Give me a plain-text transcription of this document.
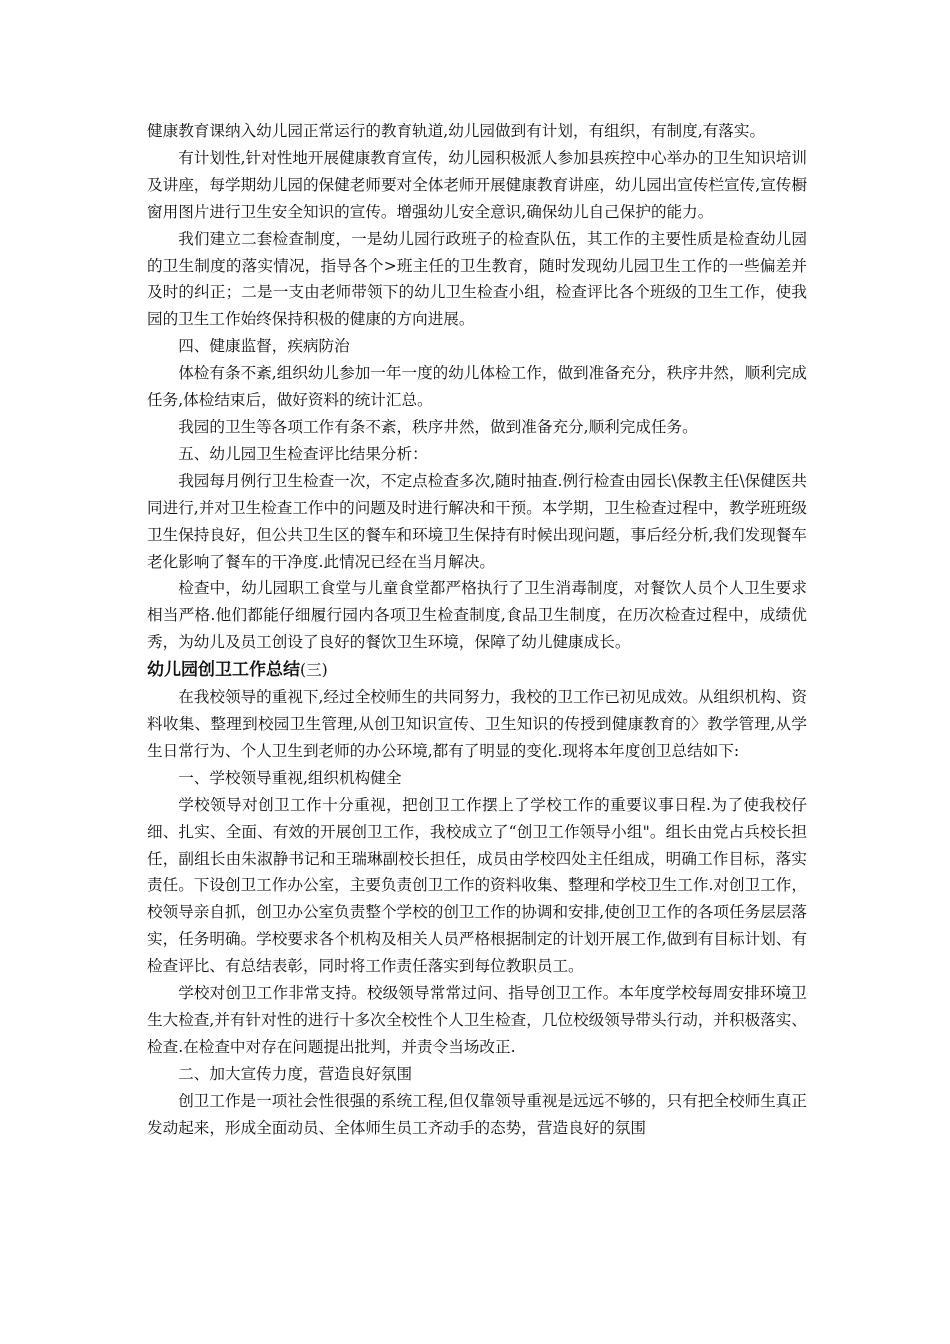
健康教育课纳入幼儿园正常运行的教育轨道,幼儿园做到有计划，有组织，有制度,有落实。

有计划性,针对性地开展健康教育宣传，幼儿园积极派人参加县疾控中心举办的卫生知识培训及讲座，每学期幼儿园的保健老师要对全体老师开展健康教育讲座，幼儿园出宣传栏宣传,宣传橱窗用图片进行卫生安全知识的宣传。增强幼儿安全意识,确保幼儿自己保护的能力。

我们建立二套检查制度，一是幼儿园行政班子的检查队伍，其工作的主要性质是检查幼儿园的卫生制度的落实情况，指导各个>班主任的卫生教育，随时发现幼儿园卫生工作的一些偏差并及时的纠正；二是一支由老师带领下的幼儿卫生检查小组，检查评比各个班级的卫生工作，使我园的卫生工作始终保持积极的健康的方向进展。

四、健康监督，疾病防治

体检有条不紊,组织幼儿参加一年一度的幼儿体检工作，做到准备充分，秩序井然，顺利完成任务,体检结束后，做好资料的统计汇总。

我园的卫生等各项工作有条不紊，秩序井然，做到准备充分,顺利完成任务。

五、幼儿园卫生检查评比结果分析：

我园每月例行卫生检查一次，不定点检查多次,随时抽查.例行检查由园长\保教主任\保健医共同进行,并对卫生检查工作中的问题及时进行解决和干预。本学期，卫生检查过程中，教学班班级卫生保持良好，但公共卫生区的餐车和环境卫生保持有时候出现问题，事后经分析,我们发现餐车老化影响了餐车的干净度.此情况已经在当月解决。

检查中，幼儿园职工食堂与儿童食堂都严格执行了卫生消毒制度，对餐饮人员个人卫生要求相当严格.他们都能仔细履行园内各项卫生检查制度,食品卫生制度，在历次检查过程中，成绩优秀，为幼儿及员工创设了良好的餐饮卫生环境，保障了幼儿健康成长。

幼儿园创卫工作总结(三)

在我校领导的重视下,经过全校师生的共同努力，我校的卫工作已初见成效。从组织机构、资料收集、整理到校园卫生管理,从创卫知识宣传、卫生知识的传授到健康教育的〉教学管理,从学生日常行为、个人卫生到老师的办公环境,都有了明显的变化.现将本年度创卫总结如下:

一、学校领导重视,组织机构健全

学校领导对创卫工作十分重视，把创卫工作摆上了学校工作的重要议事日程.为了使我校仔细、扎实、全面、有效的开展创卫工作，我校成立了“创卫工作领导小组"。组长由党占兵校长担任，副组长由朱淑静书记和王瑞琳副校长担任，成员由学校四处主任组成，明确工作目标，落实责任。下设创卫工作办公室，主要负责创卫工作的资料收集、整理和学校卫生工作.对创卫工作，校领导亲自抓，创卫办公室负责整个学校的创卫工作的协调和安排,使创卫工作的各项任务层层落实，任务明确。学校要求各个机构及相关人员严格根据制定的计划开展工作,做到有目标计划、有检查评比、有总结表彰，同时将工作责任落实到每位教职员工。

学校对创卫工作非常支持。校级领导常常过问、指导创卫工作。本年度学校每周安排环境卫生大检查,并有针对性的进行十多次全校性个人卫生检查，几位校级领导带头行动，并积极落实、检查.在检查中对存在问题提出批判，并责令当场改正.

二、加大宣传力度，营造良好氛围

创卫工作是一项社会性很强的系统工程,但仅靠领导重视是远远不够的，只有把全校师生真正发动起来，形成全面动员、全体师生员工齐动手的态势，营造良好的氛围
